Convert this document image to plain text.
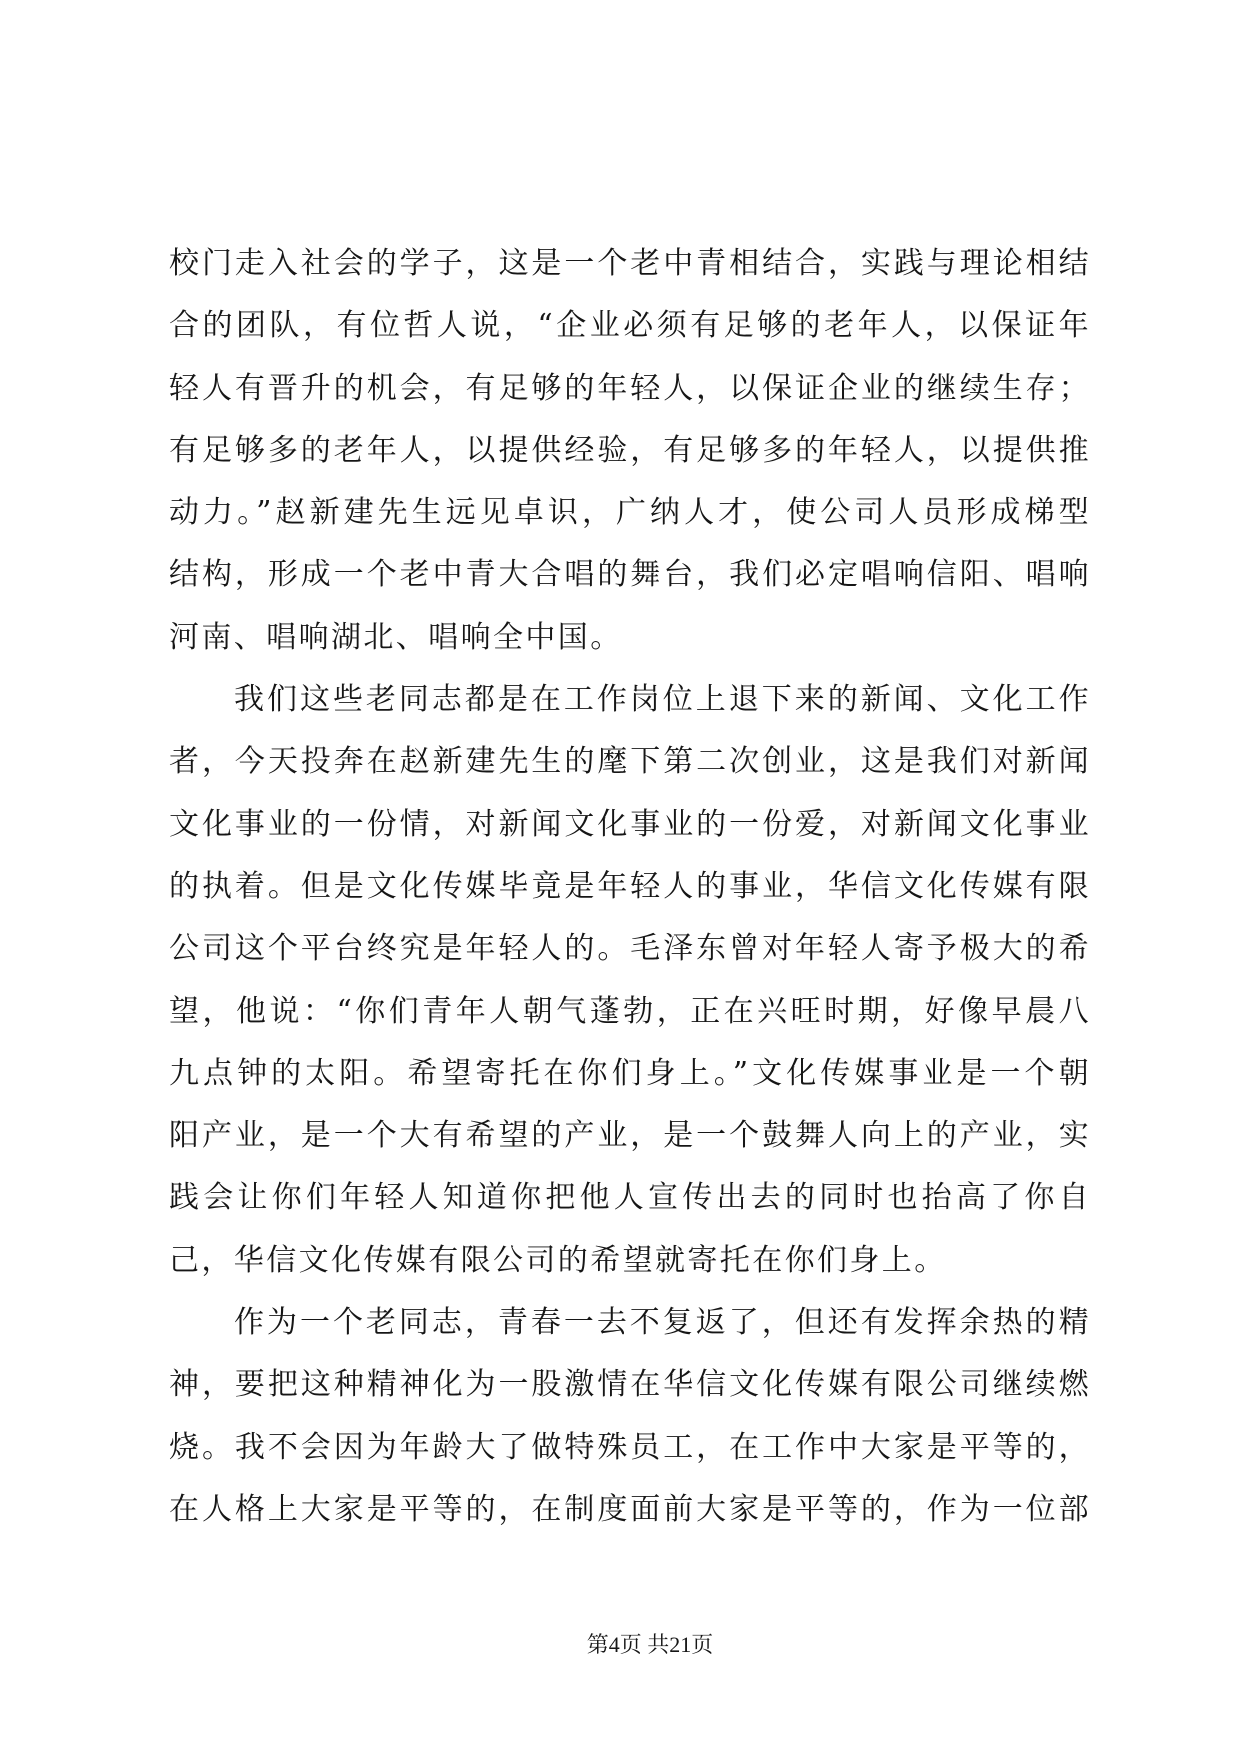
校门走入社会的学子，这是一个老中青相结合，实践与理论相结
合的团队，有位哲人说，“企业必须有足够的老年人，以保证年
轻人有晋升的机会，有足够的年轻人，以保证企业的继续生存；
有足够多的老年人，以提供经验，有足够多的年轻人，以提供推
动力。”赵新建先生远见卓识，广纳人才，使公司人员形成梯型
结构，形成一个老中青大合唱的舞台，我们必定唱响信阳、唱响
河南、唱响湖北、唱响全中国。
我们这些老同志都是在工作岗位上退下来的新闻、文化工作
者，今天投奔在赵新建先生的麾下第二次创业，这是我们对新闻
文化事业的一份情，对新闻文化事业的一份爱，对新闻文化事业
的执着。但是文化传媒毕竟是年轻人的事业，华信文化传媒有限
公司这个平台终究是年轻人的。毛泽东曾对年轻人寄予极大的希
望，他说：“你们青年人朝气蓬勃，正在兴旺时期，好像早晨八
九点钟的太阳。希望寄托在你们身上。”文化传媒事业是一个朝
阳产业，是一个大有希望的产业，是一个鼓舞人向上的产业，实
践会让你们年轻人知道你把他人宣传出去的同时也抬高了你自
己，华信文化传媒有限公司的希望就寄托在你们身上。
作为一个老同志，青春一去不复返了，但还有发挥余热的精
神，要把这种精神化为一股激情在华信文化传媒有限公司继续燃
烧。我不会因为年龄大了做特殊员工，在工作中大家是平等的，
在人格上大家是平等的，在制度面前大家是平等的，作为一位部
第4页 共21页
